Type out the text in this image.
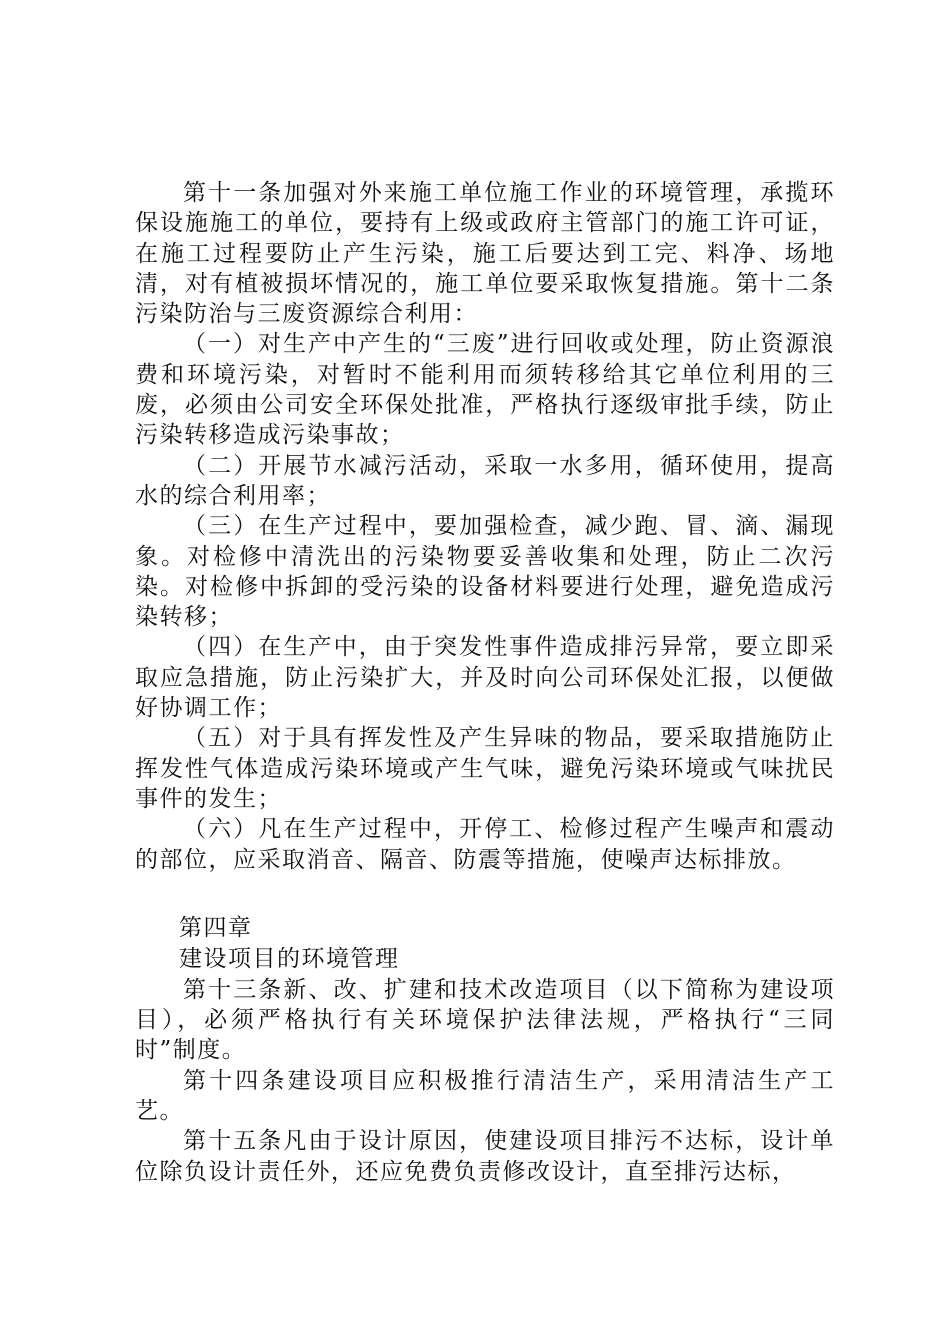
第十一条加强对外来施工单位施工作业的环境管理，承揽环保设施施工的单位，要持有上级或政府主管部门的施工许可证，在施工过程要防止产生污染，施工后要达到工完、料净、场地清，对有植被损坏情况的，施工单位要采取恢复措施。第十二条污染防治与三废资源综合利用：

（一）对生产中产生的“三废”进行回收或处理，防止资源浪费和环境污染，对暂时不能利用而须转移给其它单位利用的三废，必须由公司安全环保处批准，严格执行逐级审批手续，防止污染转移造成污染事故；

（二）开展节水减污活动，采取一水多用，循环使用，提高水的综合利用率；

（三）在生产过程中，要加强检查，减少跑、冒、滴、漏现象。对检修中清洗出的污染物要妥善收集和处理，防止二次污染。对检修中拆卸的受污染的设备材料要进行处理，避免造成污染转移；

（四）在生产中，由于突发性事件造成排污异常，要立即采取应急措施，防止污染扩大，并及时向公司环保处汇报，以便做好协调工作；

（五）对于具有挥发性及产生异味的物品，要采取措施防止挥发性气体造成污染环境或产生气味，避免污染环境或气味扰民事件的发生；

（六）凡在生产过程中，开停工、检修过程产生噪声和震动的部位，应采取消音、隔音、防震等措施，使噪声达标排放。

第四章

建设项目的环境管理

第十三条新、改、扩建和技术改造项目（以下简称为建设项目），必须严格执行有关环境保护法律法规，严格执行“三同时”制度。

第十四条建设项目应积极推行清洁生产，采用清洁生产工艺。

第十五条凡由于设计原因，使建设项目排污不达标，设计单位除负设计责任外，还应免费负责修改设计，直至排污达标，
